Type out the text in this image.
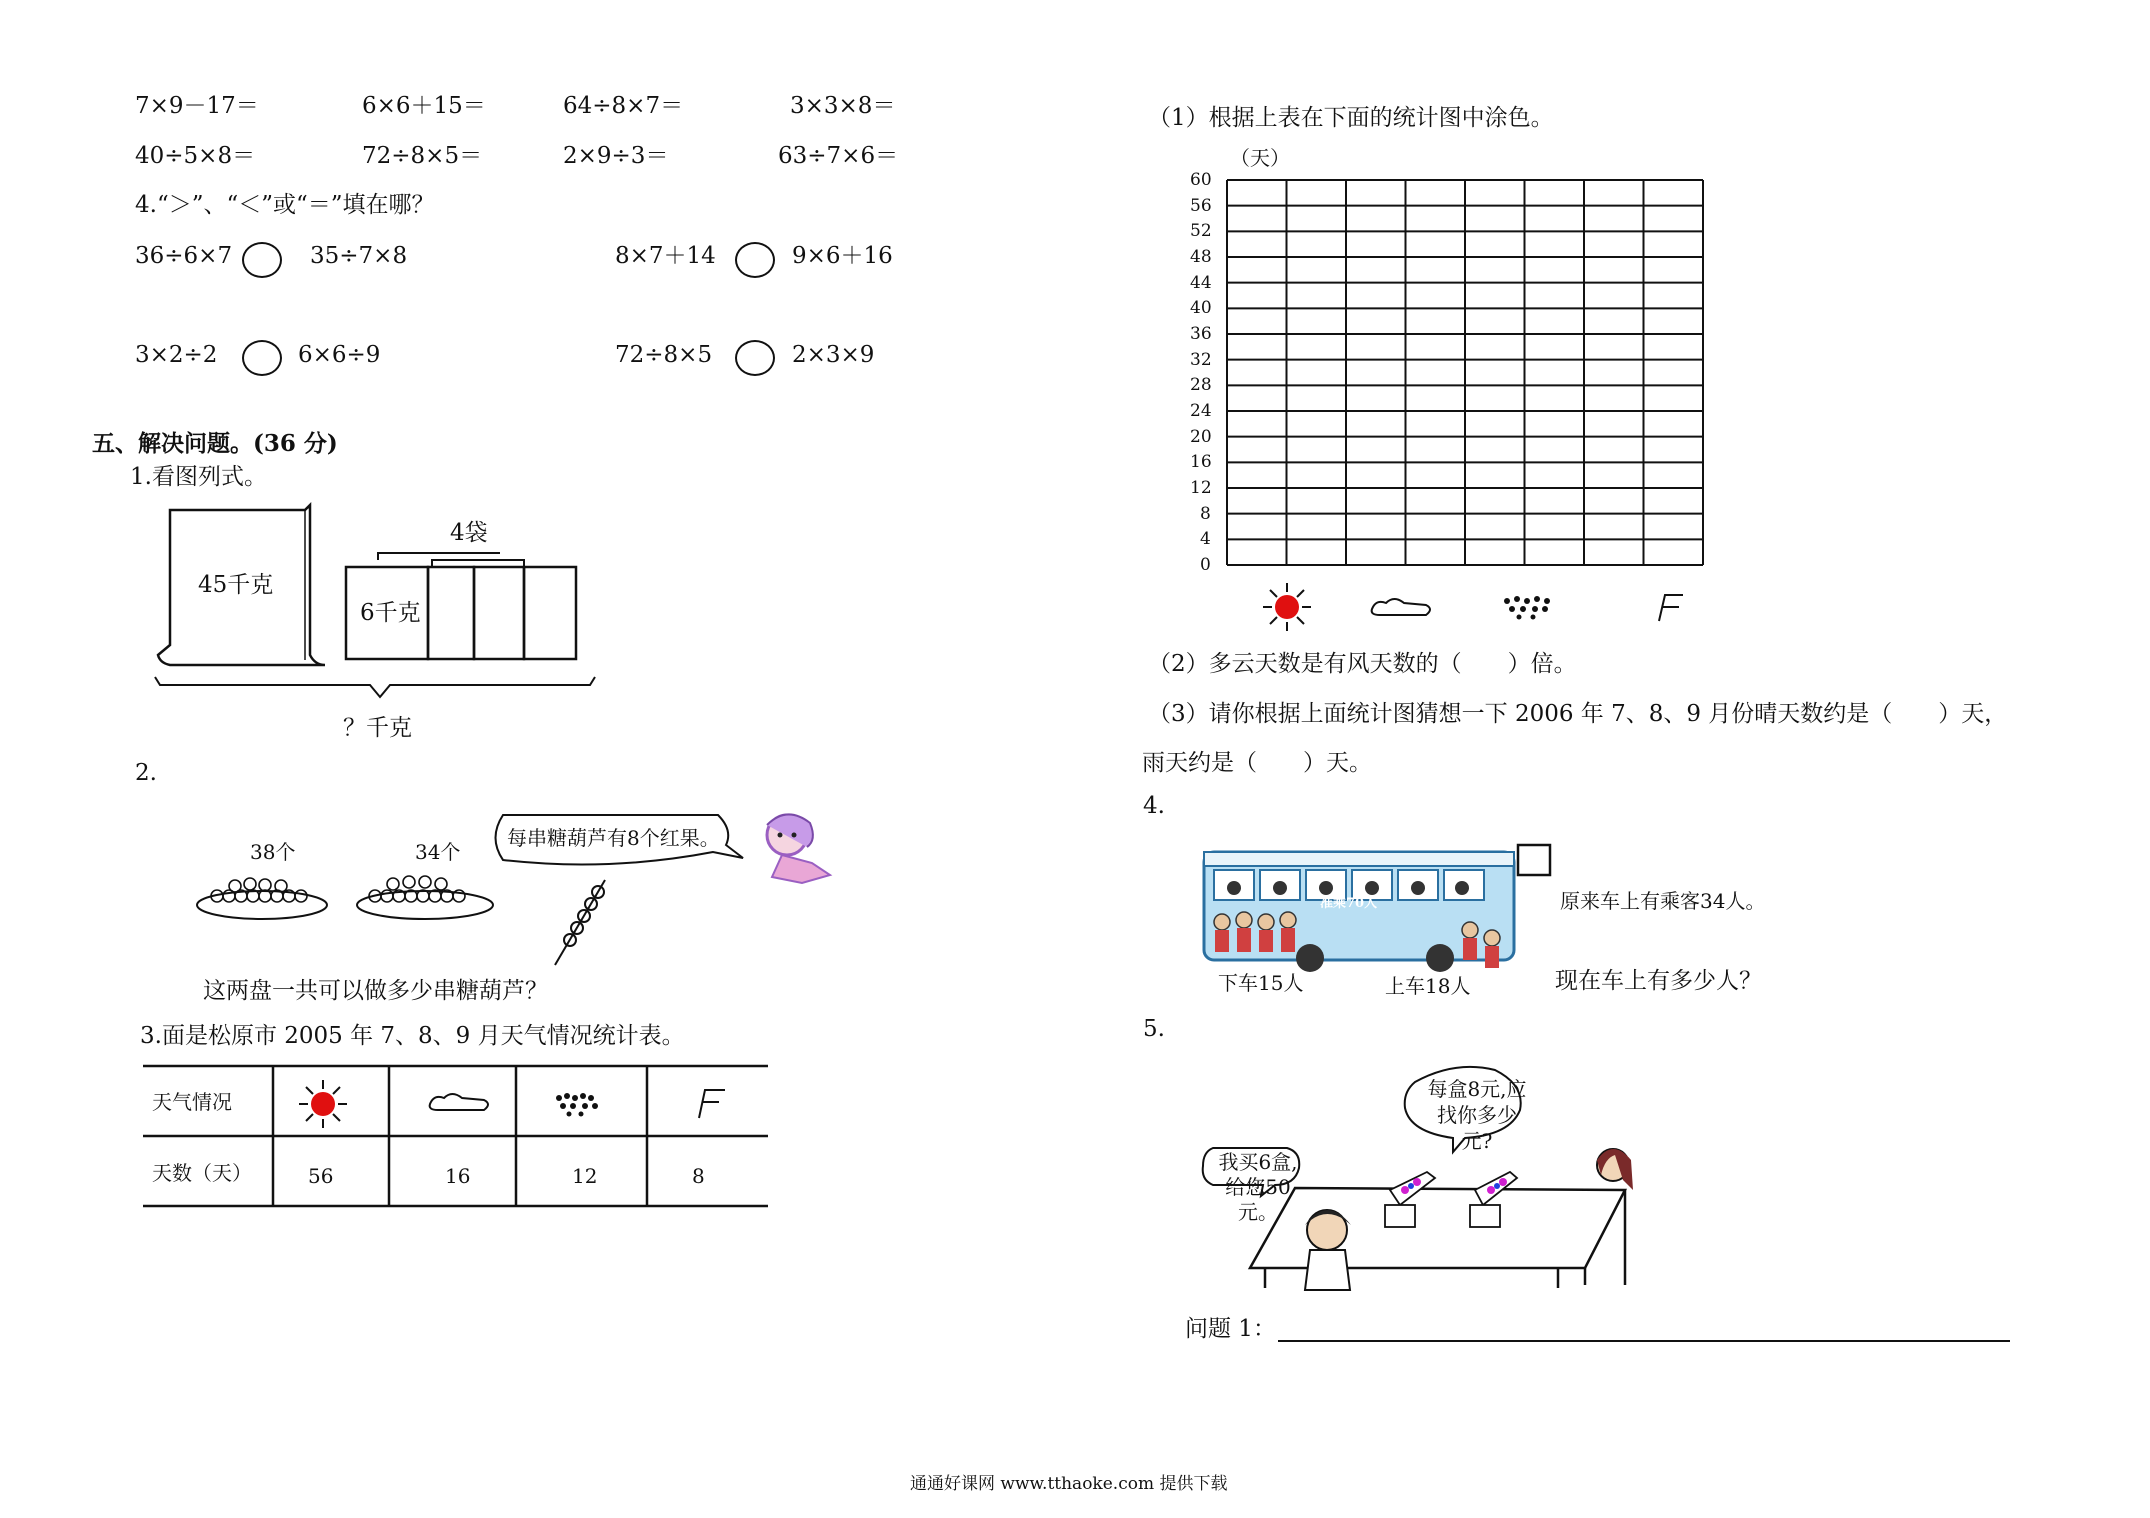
7×9－17＝	6×6＋15＝	64÷8×7＝	3×3×8＝
40÷5×8＝	72÷8×5＝	2×9÷3＝	63÷7×6＝
4.“＞”、“＜”或“＝”填在哪？
36÷6×7	35÷7×8	8×7＋14	9×6＋16
3×2÷2	6×6÷9	72÷8×5	2×3×9
五、解决问题。(36 分)
1.看图列式。
45千克
6千克
4袋
？千克
2.
38个	34个
每串糖葫芦有8个红果。
这两盘一共可以做多少串糖葫芦？
3.面是松原市 2005 年 7、8、9 月天气情况统计表。
天气情况
天数（天）	56	16	12	8
（1）根据上表在下面的统计图中涂色。
（天）
60
56
52
48
44
40
36
32
28
24
20
16
12
8
4
0
（2）多云天数是有风天数的（　　）倍。
（3）请你根据上面统计图猜想一下 2006 年 7、8、9 月份晴天数约是（　　）天，
雨天约是（　　）天。
4.
准乘70人	原来车上有乘客34人。
下车15人	上车18人	现在车上有多少人？
5.
每盒8元,应找你多少元?
我买6盒,给您50元。
问题 1：
通通好课网 www.tthaoke.com 提供下载
